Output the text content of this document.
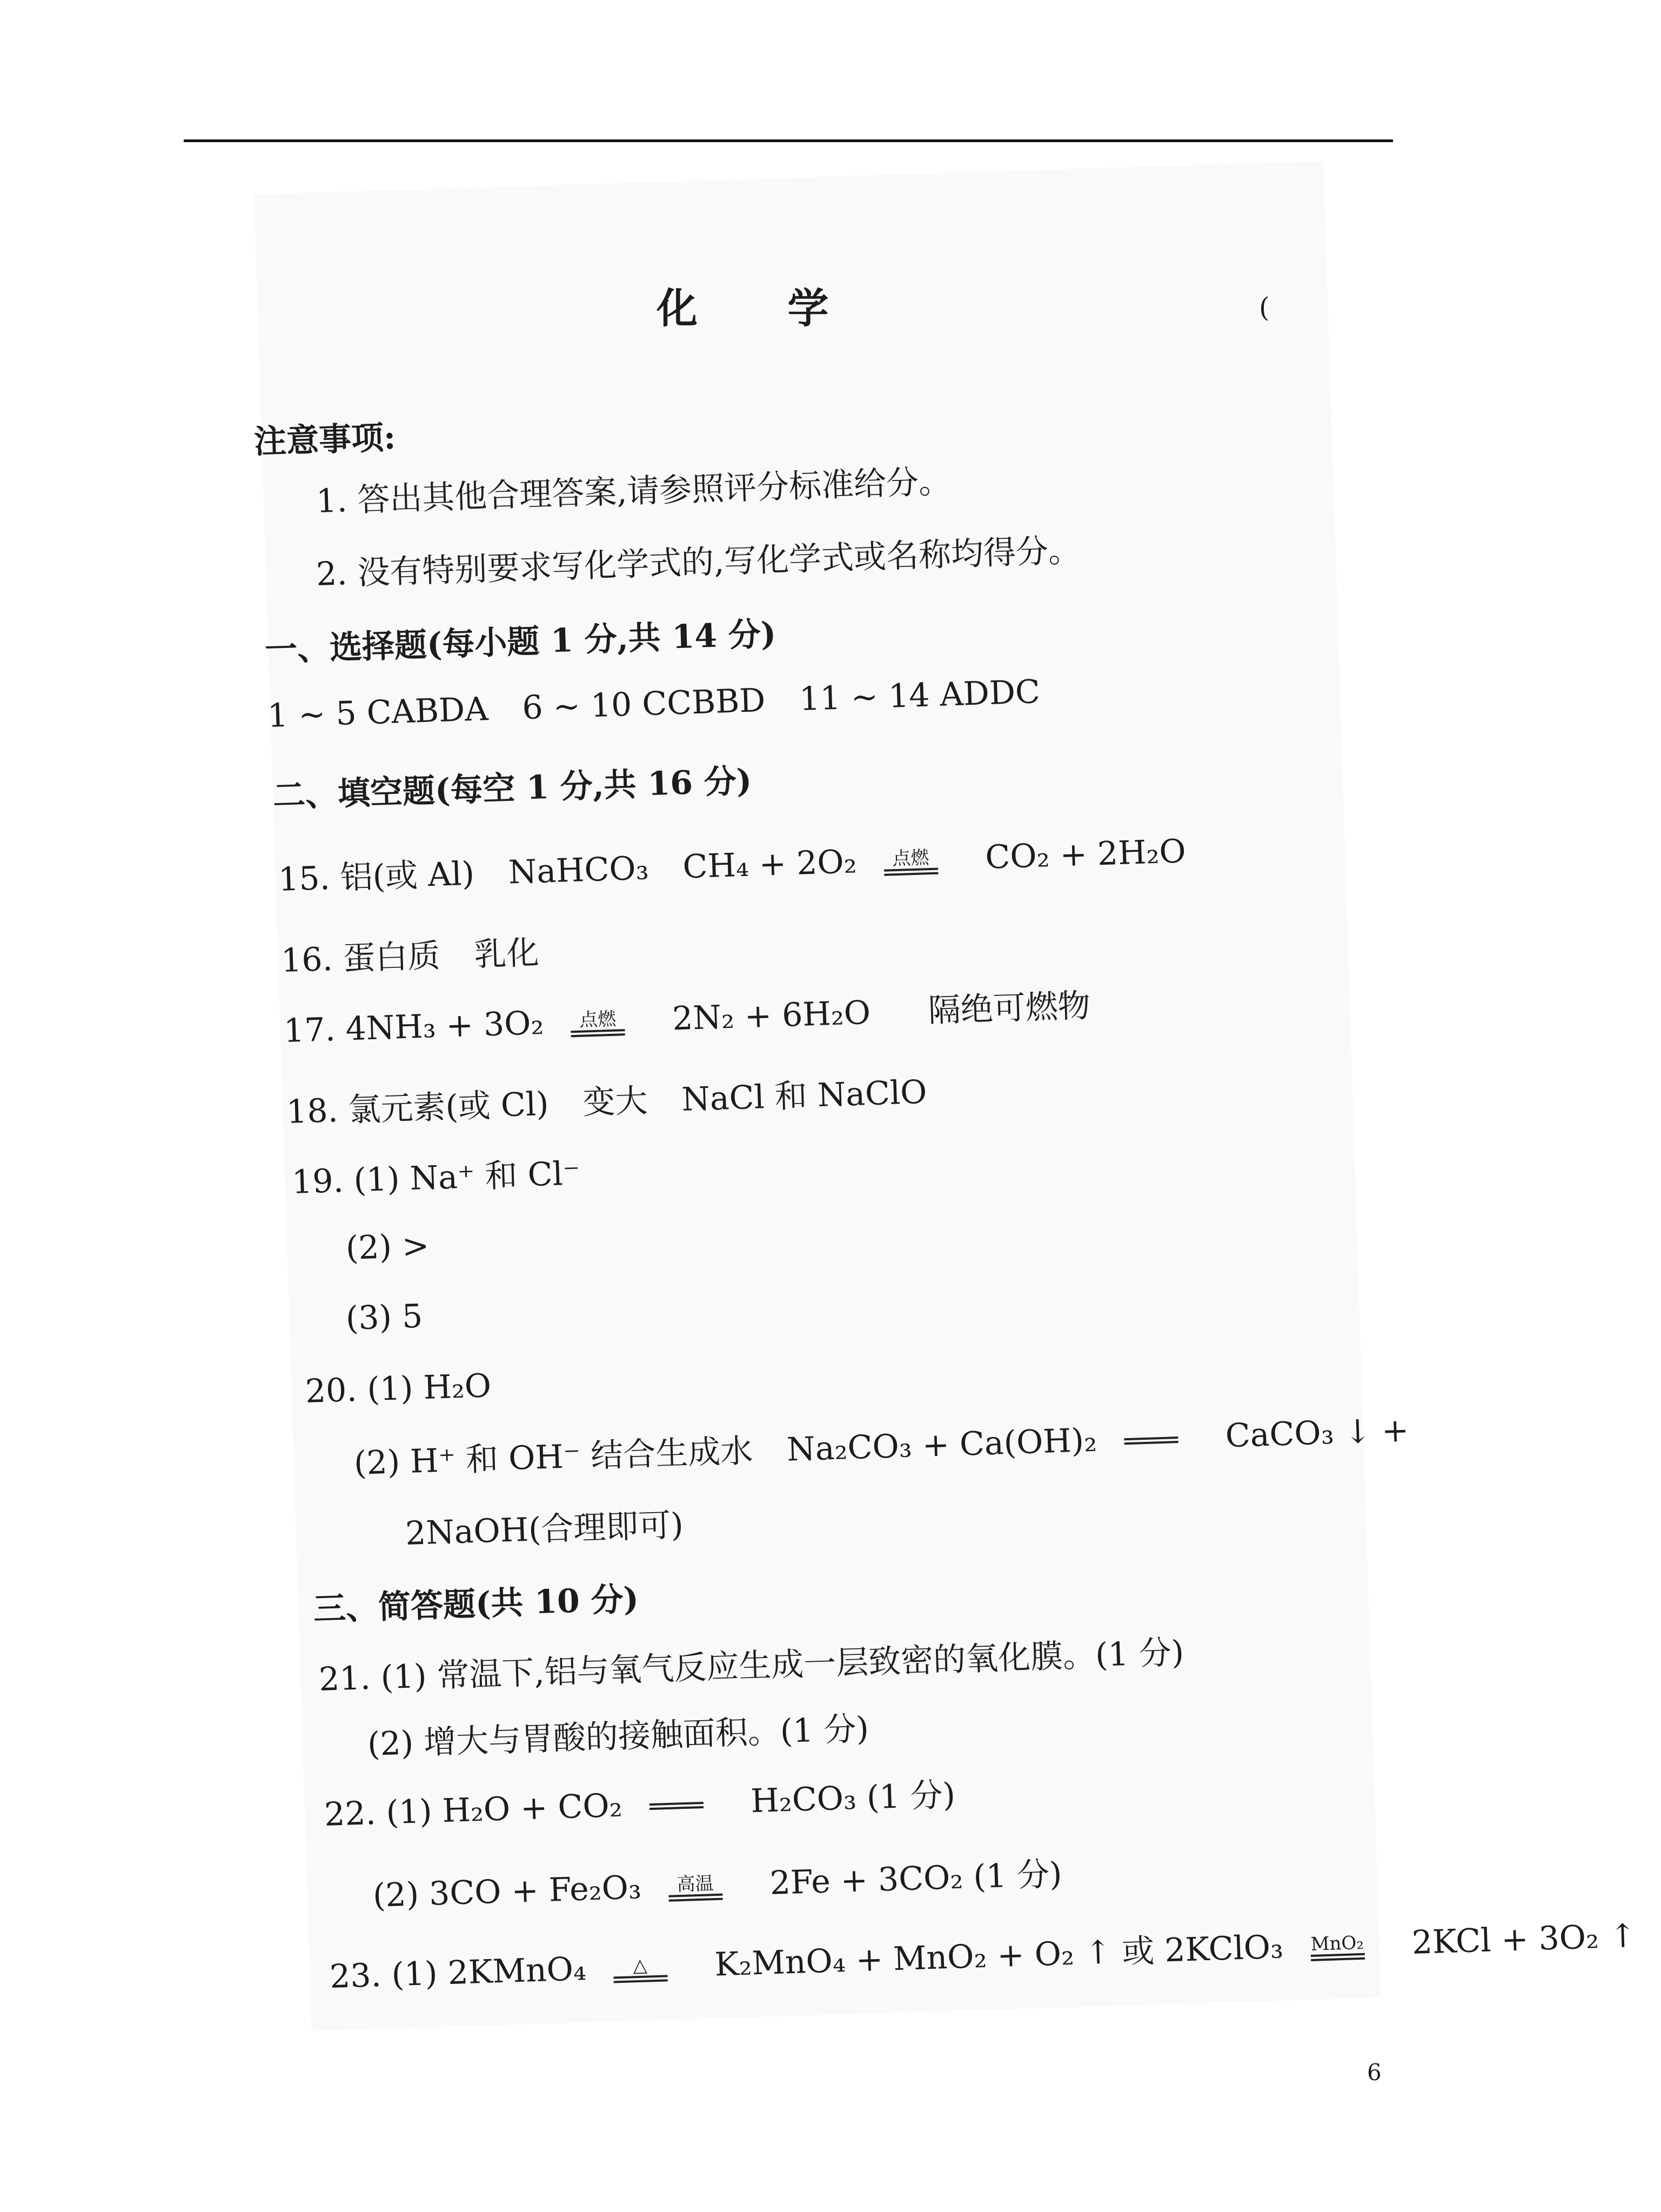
化 学	(
注意事项:
1. 答出其他合理答案,请参照评分标准给分。
2. 没有特别要求写化学式的,写化学式或名称均得分。
一、选择题(每小题 1 分,共 14 分)
1 ~ 5 CABDA 6 ~ 10 CCBBD 11 ~ 14 ADDC
二、填空题(每空 1 分,共 16 分)
15. 铝(或 Al) NaHCO₃ CH₄ + 2O₂ 点燃 CO₂ + 2H₂O
16. 蛋白质 乳化
17. 4NH₃ + 3O₂ 点燃 2N₂ + 6H₂O 隔绝可燃物
18. 氯元素(或 Cl) 变大 NaCl 和 NaClO
19. (1) Na⁺ 和 Cl⁻
(2) >
(3) 5
20. (1) H₂O
(2) H⁺ 和 OH⁻ 结合生成水 Na₂CO₃ + Ca(OH)₂	CaCO₃ ↓ +
2NaOH(合理即可)
三、简答题(共 10 分)
21. (1) 常温下,铝与氧气反应生成一层致密的氧化膜。(1 分)
(2) 增大与胃酸的接触面积。(1 分)
22. (1) H₂O + CO₂	H₂CO₃ (1 分)
(2) 3CO + Fe₂O₃ 高温 2Fe + 3CO₂ (1 分)
23. (1) 2KMnO₄	△ K₂MnO₄ + MnO₂ + O₂ ↑ 或 2KClO₃ MnO₂ 2KCl + 3O₂ ↑
6
